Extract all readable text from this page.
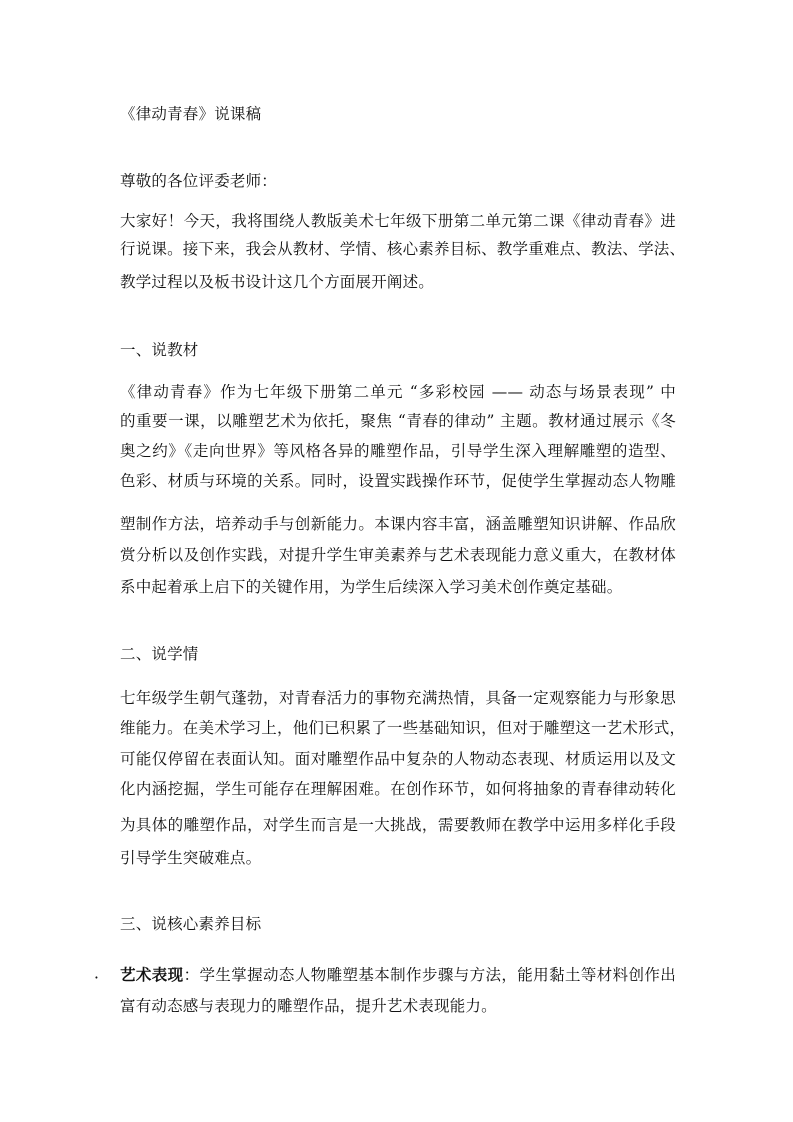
《律动青春》说课稿
尊敬的各位评委老师：
大家好！今天，我将围绕人教版美术七年级下册第二单元第二课《律动青春》进
行说课。接下来，我会从教材、学情、核心素养目标、教学重难点、教法、学法、
教学过程以及板书设计这几个方面展开阐述。
一、说教材
《律动青春》作为七年级下册第二单元 “多彩校园 —— 动态与场景表现” 中
的重要一课，以雕塑艺术为依托，聚焦 “青春的律动” 主题。教材通过展示《冬
奥之约》《走向世界》等风格各异的雕塑作品，引导学生深入理解雕塑的造型、
色彩、材质与环境的关系。同时，设置实践操作环节，促使学生掌握动态人物雕
塑制作方法，培养动手与创新能力。本课内容丰富，涵盖雕塑知识讲解、作品欣
赏分析以及创作实践，对提升学生审美素养与艺术表现能力意义重大，在教材体
系中起着承上启下的关键作用，为学生后续深入学习美术创作奠定基础。
二、说学情
七年级学生朝气蓬勃，对青春活力的事物充满热情，具备一定观察能力与形象思
维能力。在美术学习上，他们已积累了一些基础知识，但对于雕塑这一艺术形式，
可能仅停留在表面认知。面对雕塑作品中复杂的人物动态表现、材质运用以及文
化内涵挖掘，学生可能存在理解困难。在创作环节，如何将抽象的青春律动转化
为具体的雕塑作品，对学生而言是一大挑战，需要教师在教学中运用多样化手段
引导学生突破难点。
三、说核心素养目标
· 艺术表现：学生掌握动态人物雕塑基本制作步骤与方法，能用黏土等材料创作出
富有动态感与表现力的雕塑作品，提升艺术表现能力。
